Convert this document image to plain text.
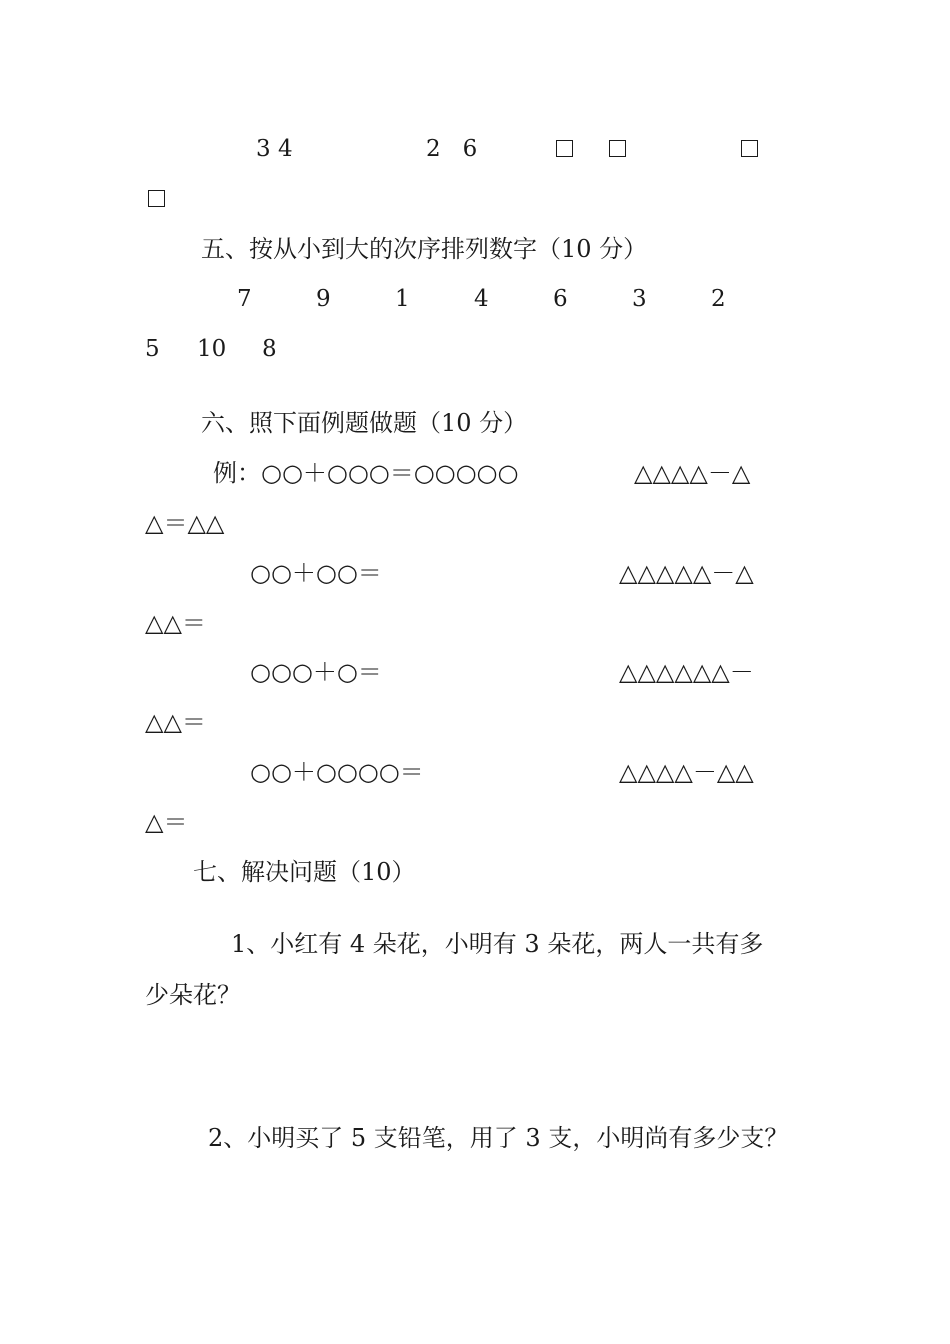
3 4	2   6
五、按从小到大的次序排列数字（10 分）
7	9	1	4	6	3	2
5 10 8
六、照下面例题做题（10 分）
例：○○＋○○○＝○○○○○	△△△△－△
△＝△△
○○＋○○＝	△△△△△－△
△△＝
○○○＋○＝	△△△△△△－
△△＝
○○＋○○○○＝	△△△△－△△
△＝
七、解决问题（10）
1、小红有 4 朵花，小明有 3 朵花，两人一共有多
少朵花？
2、小明买了 5 支铅笔，用了 3 支，小明尚有多少支？
